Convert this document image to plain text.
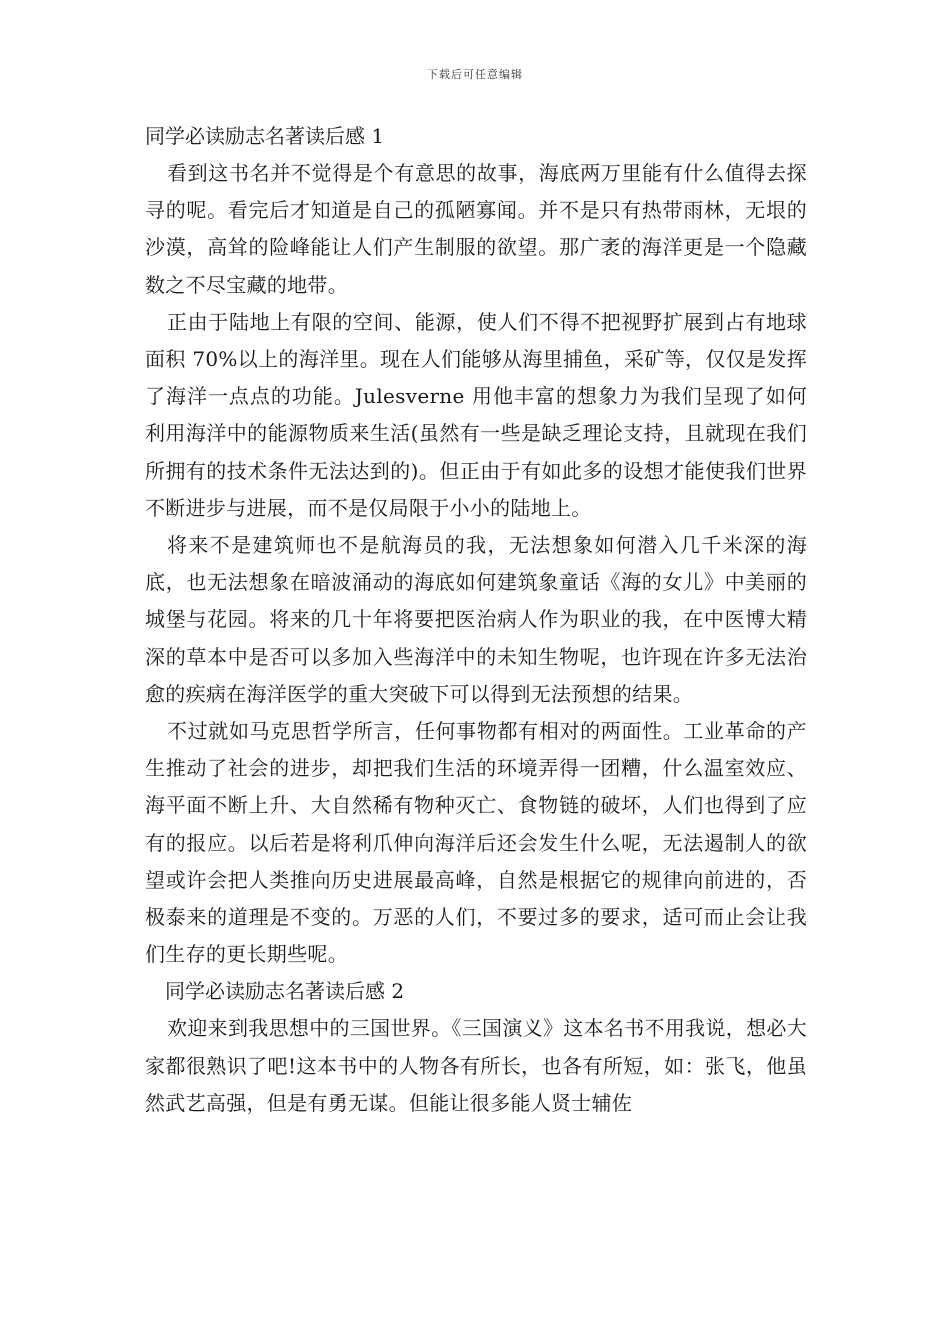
下载后可任意编辑
同学必读励志名著读后感 1

看到这书名并不觉得是个有意思的故事，海底两万里能有什么值得去探寻的呢。看完后才知道是自己的孤陋寡闻。并不是只有热带雨林，无垠的沙漠，高耸的险峰能让人们产生制服的欲望。那广袤的海洋更是一个隐藏数之不尽宝藏的地带。

正由于陆地上有限的空间、能源，使人们不得不把视野扩展到占有地球面积 70%以上的海洋里。现在人们能够从海里捕鱼，采矿等，仅仅是发挥了海洋一点点的功能。Julesverne 用他丰富的想象力为我们呈现了如何利用海洋中的能源物质来生活(虽然有一些是缺乏理论支持，且就现在我们所拥有的技术条件无法达到的)。但正由于有如此多的设想才能使我们世界不断进步与进展，而不是仅局限于小小的陆地上。

将来不是建筑师也不是航海员的我，无法想象如何潜入几千米深的海底，也无法想象在暗波涌动的海底如何建筑象童话《海的女儿》中美丽的城堡与花园。将来的几十年将要把医治病人作为职业的我，在中医博大精深的草本中是否可以多加入些海洋中的未知生物呢，也许现在许多无法治愈的疾病在海洋医学的重大突破下可以得到无法预想的结果。

不过就如马克思哲学所言，任何事物都有相对的两面性。工业革命的产生推动了社会的进步，却把我们生活的环境弄得一团糟，什么温室效应、海平面不断上升、大自然稀有物种灭亡、食物链的破坏，人们也得到了应有的报应。以后若是将利爪伸向海洋后还会发生什么呢，无法遏制人的欲望或许会把人类推向历史进展最高峰，自然是根据它的规律向前进的，否极泰来的道理是不变的。万恶的人们，不要过多的要求，适可而止会让我们生存的更长期些呢。

同学必读励志名著读后感 2

欢迎来到我思想中的三国世界。《三国演义》这本名书不用我说，想必大家都很熟识了吧!这本书中的人物各有所长，也各有所短，如：张飞，他虽然武艺高强，但是有勇无谋。但能让很多能人贤士辅佐
